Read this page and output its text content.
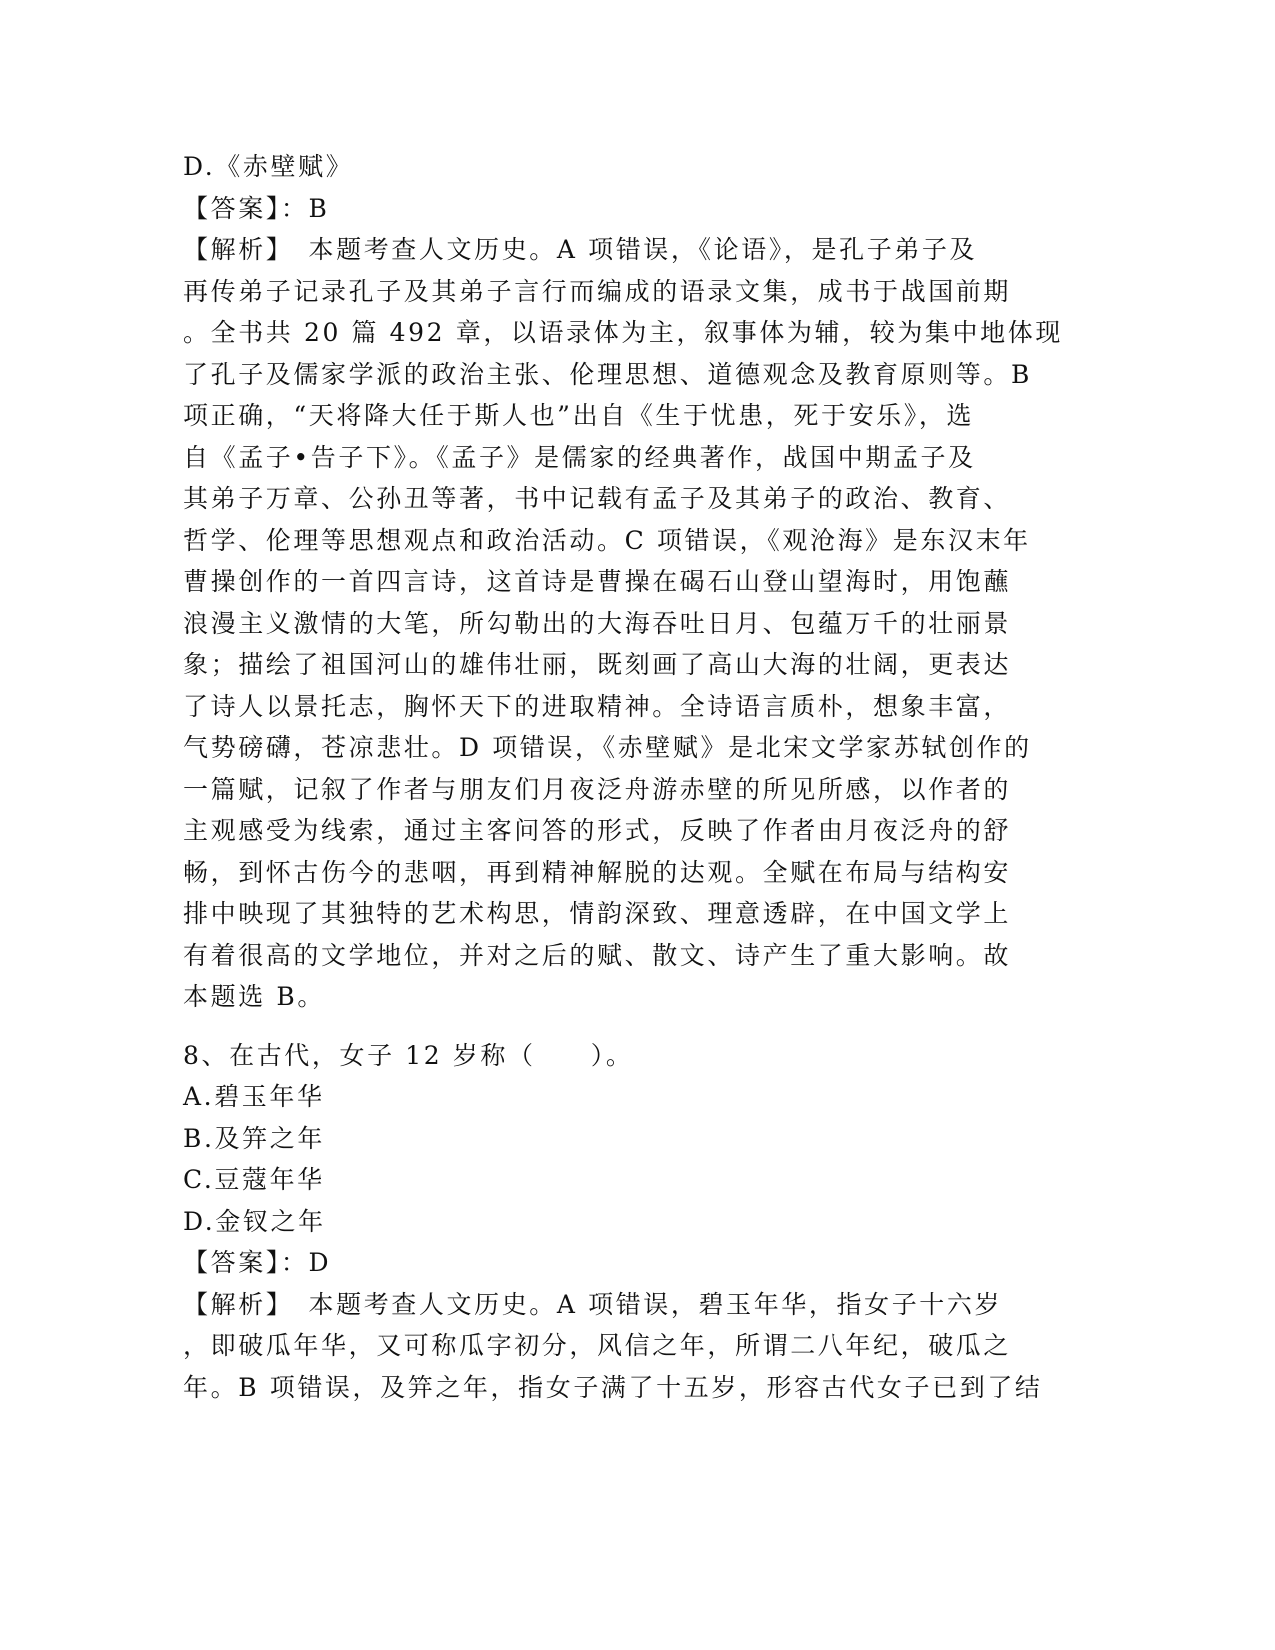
D.《赤壁赋》
【答案】：B
【解析】　本题考查人文历史。A 项错误，《论语》，是孔子弟子及
再传弟子记录孔子及其弟子言行而编成的语录文集，成书于战国前期
。全书共 20 篇 492 章，以语录体为主，叙事体为辅，较为集中地体现
了孔子及儒家学派的政治主张、伦理思想、道德观念及教育原则等。B
项正确，“天将降大任于斯人也”出自《生于忧患，死于安乐》，选
自《孟子•告子下》。《孟子》是儒家的经典著作，战国中期孟子及
其弟子万章、公孙丑等著，书中记载有孟子及其弟子的政治、教育、
哲学、伦理等思想观点和政治活动。C 项错误，《观沧海》是东汉末年
曹操创作的一首四言诗，这首诗是曹操在碣石山登山望海时，用饱蘸
浪漫主义激情的大笔，所勾勒出的大海吞吐日月、包蕴万千的壮丽景
象；描绘了祖国河山的雄伟壮丽，既刻画了高山大海的壮阔，更表达
了诗人以景托志，胸怀天下的进取精神。全诗语言质朴，想象丰富，
气势磅礴，苍凉悲壮。D 项错误，《赤壁赋》是北宋文学家苏轼创作的
一篇赋，记叙了作者与朋友们月夜泛舟游赤壁的所见所感，以作者的
主观感受为线索，通过主客问答的形式，反映了作者由月夜泛舟的舒
畅，到怀古伤今的悲咽，再到精神解脱的达观。全赋在布局与结构安
排中映现了其独特的艺术构思，情韵深致、理意透辟，在中国文学上
有着很高的文学地位，并对之后的赋、散文、诗产生了重大影响。故
本题选 B。
8、在古代，女子 12 岁称（　　）。
A.碧玉年华
B.及笄之年
C.豆蔻年华
D.金钗之年
【答案】：D
【解析】　本题考查人文历史。A 项错误，碧玉年华，指女子十六岁
，即破瓜年华，又可称瓜字初分，风信之年，所谓二八年纪，破瓜之
年。B 项错误，及笄之年，指女子满了十五岁，形容古代女子已到了结
